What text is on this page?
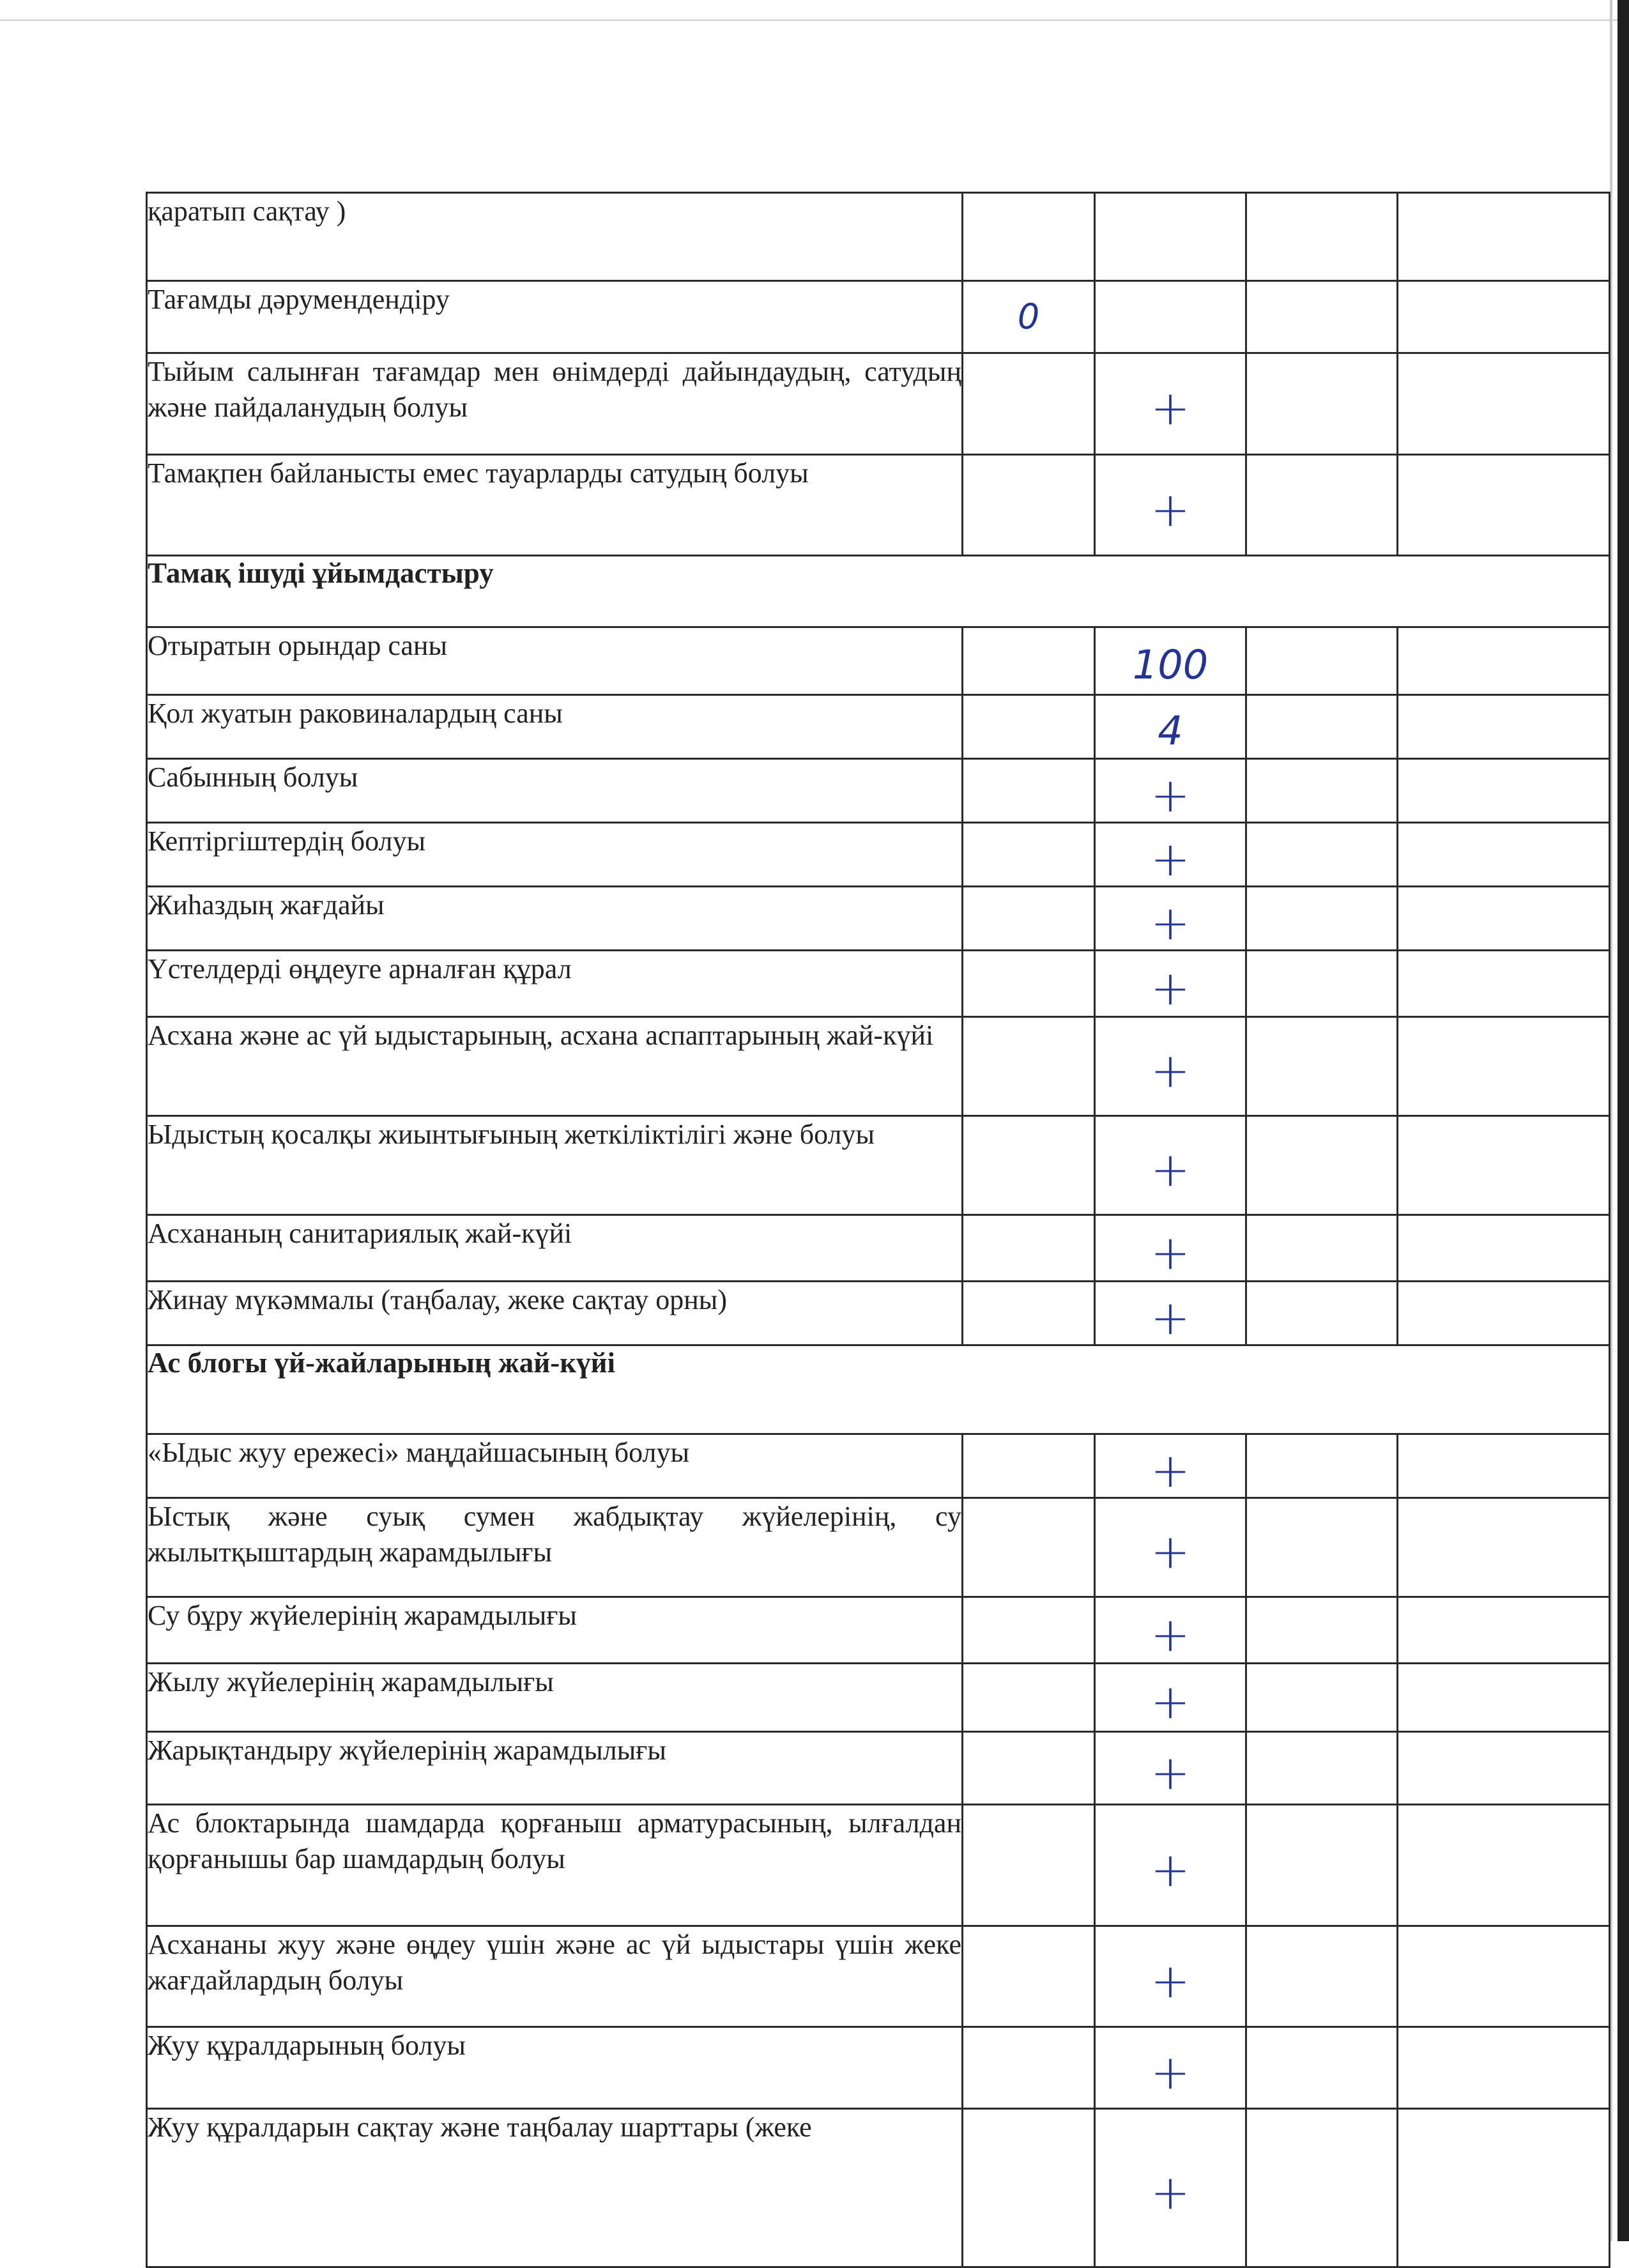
қаратып сақтау )				
Тағамды дәрумендендіру	0			

Тыйым салынған тағамдар мен өнімдерді дайындаудың, сатудың және пайдаланудың болуы		+		

Тамақпен байланысты емес тауарларды сатудың болуы		+		

Тамақ ішуді ұйымдастыру				
Отыратын орындар саны		100		

Қол жуатын раковиналардың саны		4		

Сабынның болуы		+		

Кептіргіштердің болуы		+		

Жиһаздың жағдайы		+		

Үстелдерді өңдеуге арналған құрал		+		

Асхана және ас үй ыдыстарының, асхана аспаптарының жай-күйі		+		

Ыдыстың қосалқы жиынтығының жеткіліктілігі және болуы		+		

Асхананың санитариялық жай-күйі		+		

Жинау мүкәммалы (таңбалау, жеке сақтау орны)		+		

Ас блогы үй-жайларының жай-күйі				
«Ыдыс жуу ережесі» маңдайшасының болуы		+		

Ыстық және суық сумен жабдықтау жүйелерінің, су жылытқыштардың жарамдылығы		+		

Су бұру жүйелерінің жарамдылығы		+		

Жылу жүйелерінің жарамдылығы		+		

Жарықтандыру жүйелерінің жарамдылығы		+		

Ас блоктарында шамдарда қорғаныш арматурасының, ылғалдан қорғанышы бар шамдардың болуы		+		

Асхананы жуу және өңдеу үшін және ас үй ыдыстары үшін жеке жағдайлардың болуы		+		

Жуу құралдарының болуы		+		

Жуу құралдарын сақтау және таңбалау шарттары (жеке		+		
